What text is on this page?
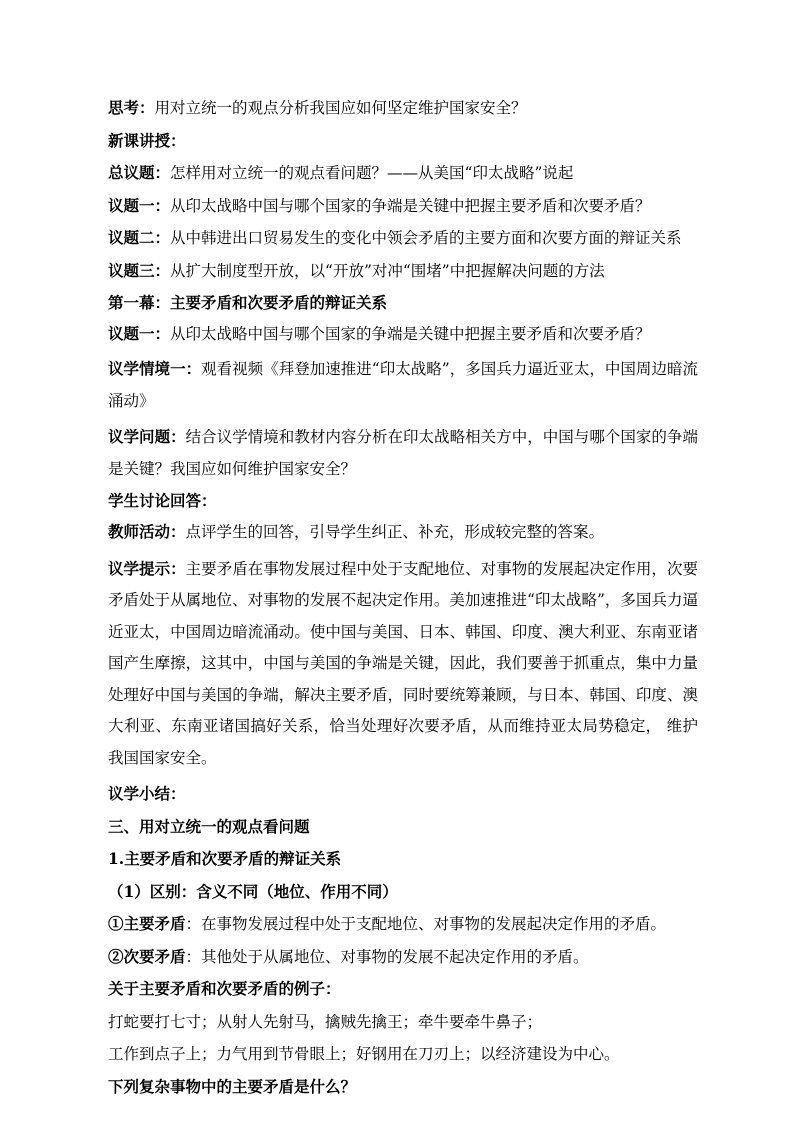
思考：用对立统一的观点分析我国应如何坚定维护国家安全？
新课讲授：
总议题：怎样用对立统一的观点看问题？——从美国“印太战略”说起
议题一：从印太战略中国与哪个国家的争端是关键中把握主要矛盾和次要矛盾？
议题二：从中韩进出口贸易发生的变化中领会矛盾的主要方面和次要方面的辩证关系
议题三：从扩大制度型开放，以“开放”对冲“围堵”中把握解决问题的方法
第一幕：主要矛盾和次要矛盾的辩证关系
议题一：从印太战略中国与哪个国家的争端是关键中把握主要矛盾和次要矛盾？

议学情境一：观看视频《拜登加速推进“印太战略”，多国兵力逼近亚太，中国周边暗流涌动》

议学问题：结合议学情境和教材内容分析在印太战略相关方中，中国与哪个国家的争端是关键？我国应如何维护国家安全？

学生讨论回答：
教师活动：点评学生的回答，引导学生纠正、补充，形成较完整的答案。

议学提示：主要矛盾在事物发展过程中处于支配地位、对事物的发展起决定作用，次要矛盾处于从属地位、对事物的发展不起决定作用。美加速推进“印太战略”，多国兵力逼近亚太，中国周边暗流涌动。使中国与美国、日本、韩国、印度、澳大利亚、东南亚诸国产生摩擦，这其中，中国与美国的争端是关键，因此，我们要善于抓重点，集中力量处理好中国与美国的争端，解决主要矛盾，同时要统筹兼顾，与日本、韩国、印度、澳大利亚、东南亚诸国搞好关系，恰当处理好次要矛盾，从而维持亚太局势稳定， 维护我国国家安全。

议学小结：
三、用对立统一的观点看问题
1.主要矛盾和次要矛盾的辩证关系
（1）区别：含义不同（地位、作用不同）
①主要矛盾：在事物发展过程中处于支配地位、对事物的发展起决定作用的矛盾。
②次要矛盾：其他处于从属地位、对事物的发展不起决定作用的矛盾。
关于主要矛盾和次要矛盾的例子：
打蛇要打七寸；从射人先射马，擒贼先擒王；牵牛要牵牛鼻子；
工作到点子上；力气用到节骨眼上；好钢用在刀刃上；以经济建设为中心。
下列复杂事物中的主要矛盾是什么？
